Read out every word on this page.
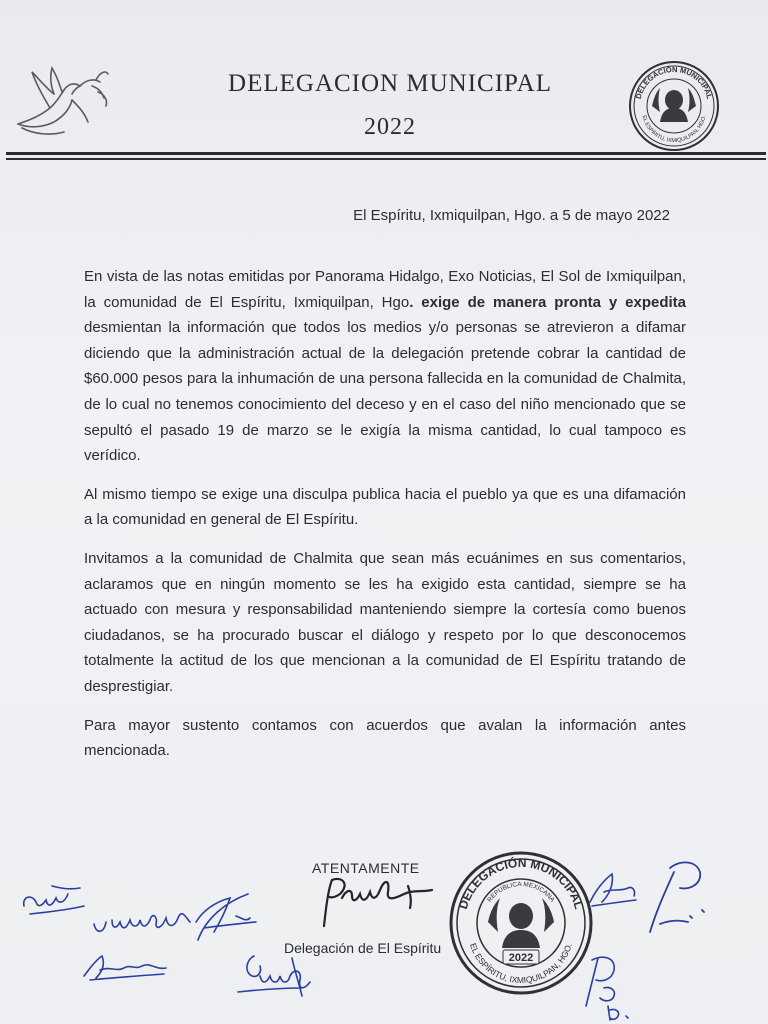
DELEGACION MUNICIPAL
2022
DELEGACIÓN MUNICIPAL
EL ESPÍRITU, IXMIQUILPAN, HGO.
El Espíritu, Ixmiquilpan, Hgo. a 5 de mayo 2022

En vista de las notas emitidas por Panorama Hidalgo, Exo Noticias, El Sol de Ixmiquilpan, la comunidad de El Espíritu, Ixmiquilpan, Hgo. exige de manera pronta y expedita desmientan la información que todos los medios y/o personas se atrevieron a difamar diciendo que la administración actual de la delegación pretende cobrar la cantidad de $60.000 pesos para la inhumación de una persona fallecida en la comunidad de Chalmita, de lo cual no tenemos conocimiento del deceso y en el caso del niño mencionado que se sepultó el pasado 19 de marzo se le exigía la misma cantidad, lo cual tampoco es verídico.

Al mismo tiempo se exige una disculpa publica hacia el pueblo ya que es una difamación a la comunidad en general de El Espíritu.

Invitamos a la comunidad de Chalmita que sean más ecuánimes en sus comentarios, aclaramos que en ningún momento se les ha exigido esta cantidad, siempre se ha actuado con mesura y responsabilidad manteniendo siempre la cortesía como buenos ciudadanos, se ha procurado buscar el diálogo y respeto por lo que desconocemos totalmente la actitud de los que mencionan a la comunidad de El Espíritu tratando de desprestigiar.

Para mayor sustento contamos con acuerdos que avalan la información antes mencionada.

ATENTAMENTE
Delegación de El Espíritu
DELEGACIÓN MUNICIPAL
EL ESPÍRITU, IXMIQUILPAN, HGO.
REPUBLICA MEXICANA
2022
